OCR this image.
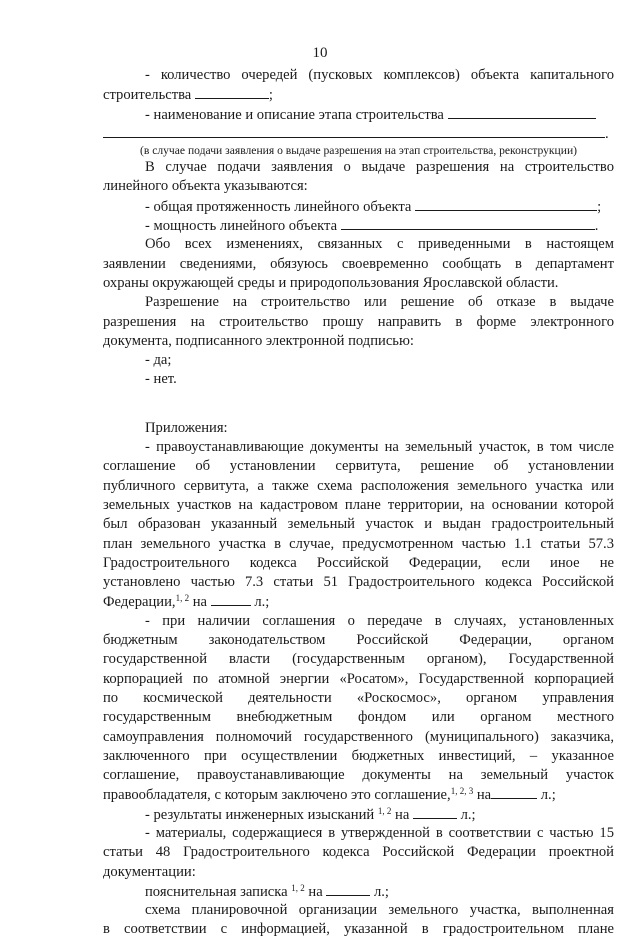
10
- количество очередей (пусковых комплексов) объекта капитального
строительства	;
- наименование и описание этапа строительства
.
(в случае подачи заявления о выдаче разрешения на этап строительства, реконструкции)
В случае подачи заявления о выдаче разрешения на строительство
линейного объекта указываются:
- общая протяженность линейного объекта	;
- мощность линейного объекта	.
Обо всех изменениях, связанных с приведенными в настоящем
заявлении сведениями, обязуюсь своевременно сообщать в департамент
охраны окружающей среды и природопользования Ярославской области.
Разрешение на строительство или решение об отказе в выдаче
разрешения на строительство прошу направить в форме электронного
документа, подписанного электронной подписью:
- да;
- нет.
Приложения:
- правоустанавливающие документы на земельный участок, в том числе
соглашение об установлении сервитута, решение об установлении
публичного сервитута, а также схема расположения земельного участка или
земельных участков на кадастровом плане территории, на основании которой
был образован указанный земельный участок и выдан градостроительный
план земельного участка в случае, предусмотренном частью 1.1 статьи 57.3
Градостроительного кодекса Российской Федерации, если иное не
установлено частью 7.3 статьи 51 Градостроительного кодекса Российской
Федерации,$^{1, 2}$ на	л.;
- при наличии соглашения о передаче в случаях, установленных
бюджетным законодательством Российской Федерации, органом
государственной власти (государственным органом), Государственной
корпорацией по атомной энергии «Росатом», Государственной корпорацией
по космической деятельности «Роскосмос», органом управления
государственным внебюджетным фондом или органом местного
самоуправления полномочий государственного (муниципального) заказчика,
заключенного при осуществлении бюджетных инвестиций, – указанное
соглашение, правоустанавливающие документы на земельный участок
правообладателя, с которым заключено это соглашение,$^{1, 2, 3}$ на	л.;
- результаты инженерных изысканий $^{1, 2}$ на	л.;
- материалы, содержащиеся в утвержденной в соответствии с частью 15
статьи 48 Градостроительного кодекса Российской Федерации проектной
документации:
пояснительная записка $^{1, 2}$ на	л.;
схема планировочной организации земельного участка, выполненная
в соответствии с информацией, указанной в градостроительном плане
